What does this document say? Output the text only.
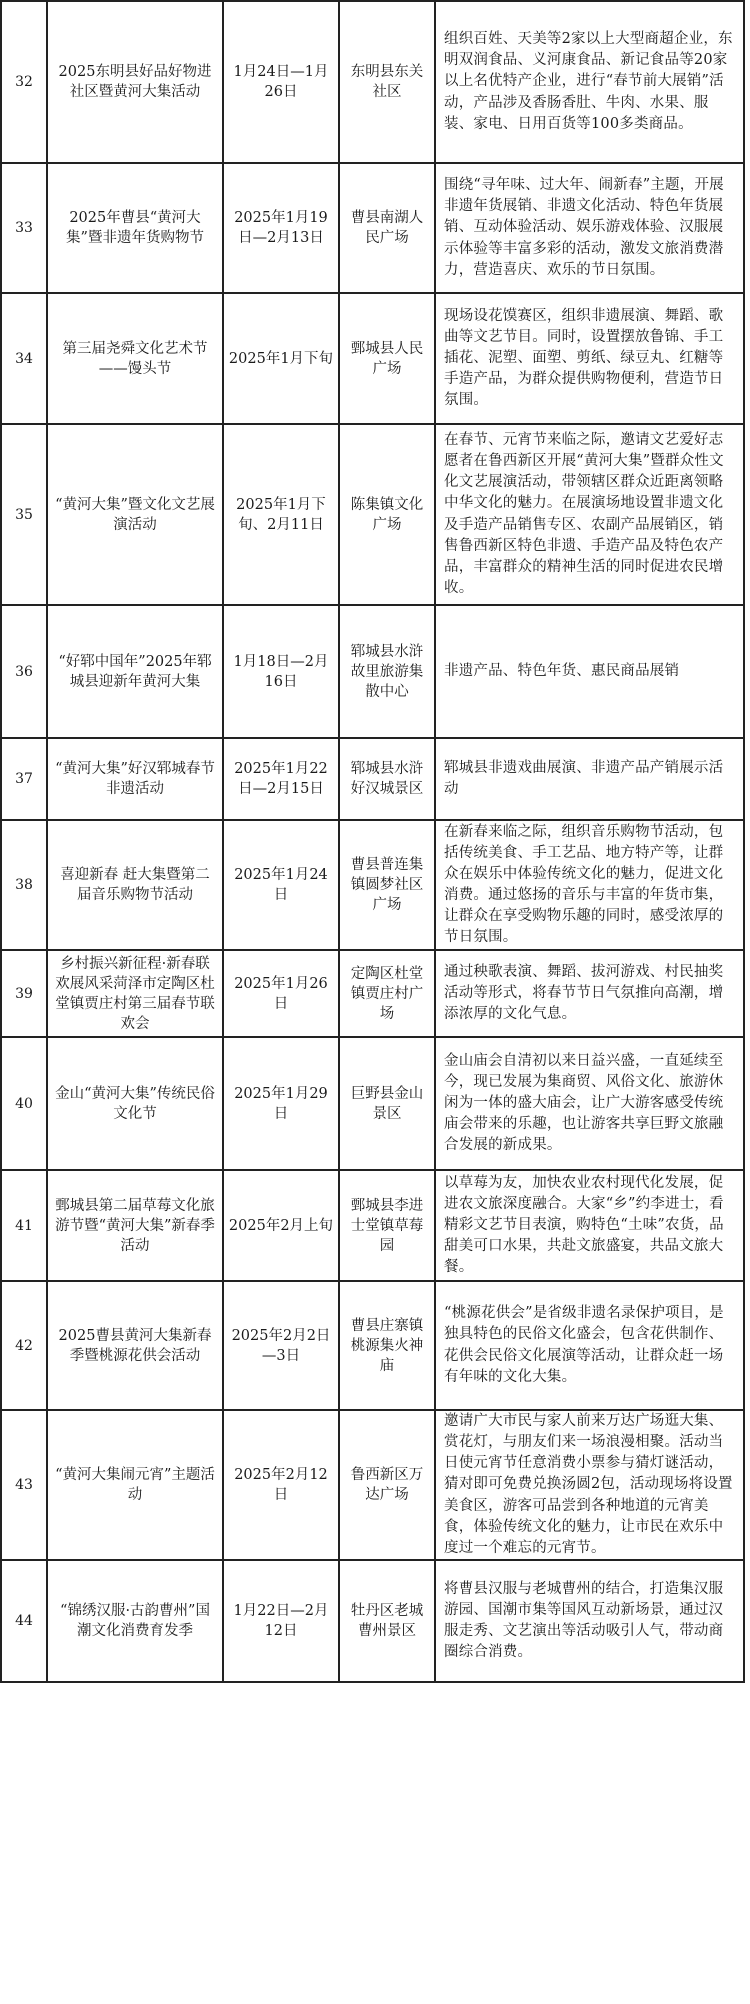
32	2025东明县好品好物进社区暨黄河大集活动	1月24日—1月26日	东明县东关社区	组织百姓、天美等2家以上大型商超企业，东明双润食品、义河康食品、新记食品等20家以上名优特产企业，进行“春节前大展销”活动，产品涉及香肠香肚、牛肉、水果、服装、家电、日用百货等100多类商品。

33	2025年曹县“黄河大集”暨非遗年货购物节	2025年1月19日—2月13日	曹县南湖人民广场	围绕“寻年味、过大年、闹新春”主题，开展非遗年货展销、非遗文化活动、特色年货展销、互动体验活动、娱乐游戏体验、汉服展示体验等丰富多彩的活动，激发文旅消费潜力，营造喜庆、欢乐的节日氛围。

34	第三届尧舜文化艺术节——馒头节	2025年1月下旬	鄄城县人民广场	现场设花馍赛区，组织非遗展演、舞蹈、歌曲等文艺节目。同时，设置摆放鲁锦、手工插花、泥塑、面塑、剪纸、绿豆丸、红糖等手造产品，为群众提供购物便利，营造节日氛围。

35	“黄河大集”暨文化文艺展演活动	2025年1月下旬、2月11日	陈集镇文化广场	在春节、元宵节来临之际，邀请文艺爱好志愿者在鲁西新区开展“黄河大集”暨群众性文化文艺展演活动，带领辖区群众近距离领略中华文化的魅力。在展演场地设置非遗文化及手造产品销售专区、农副产品展销区，销售鲁西新区特色非遗、手造产品及特色农产品，丰富群众的精神生活的同时促进农民增收。

36	“好郓中国年”2025年郓城县迎新年黄河大集	1月18日—2月16日	郓城县水浒故里旅游集散中心	非遗产品、特色年货、惠民商品展销

37	“黄河大集”好汉郓城春节非遗活动	2025年1月22日—2月15日	郓城县水浒好汉城景区	郓城县非遗戏曲展演、非遗产品产销展示活动

38	喜迎新春 赶大集暨第二届音乐购物节活动	2025年1月24日	曹县普连集镇圆梦社区广场	在新春来临之际，组织音乐购物节活动，包括传统美食、手工艺品、地方特产等，让群众在娱乐中体验传统文化的魅力，促进文化消费。通过悠扬的音乐与丰富的年货市集，让群众在享受购物乐趣的同时，感受浓厚的节日氛围。

39	乡村振兴新征程·新春联欢展风采菏泽市定陶区杜堂镇贾庄村第三届春节联欢会	2025年1月26日	定陶区杜堂镇贾庄村广场	通过秧歌表演、舞蹈、拔河游戏、村民抽奖活动等形式，将春节节日气氛推向高潮，增添浓厚的文化气息。

40	金山“黄河大集”传统民俗文化节	2025年1月29日	巨野县金山景区	金山庙会自清初以来日益兴盛，一直延续至今，现已发展为集商贸、风俗文化、旅游休闲为一体的盛大庙会，让广大游客感受传统庙会带来的乐趣，也让游客共享巨野文旅融合发展的新成果。

41	鄄城县第二届草莓文化旅游节暨“黄河大集”新春季活动	2025年2月上旬	鄄城县李进士堂镇草莓园	以草莓为友，加快农业农村现代化发展，促进农文旅深度融合。大家“乡”约李进士，看精彩文艺节目表演，购特色“土味”农货，品甜美可口水果，共赴文旅盛宴，共品文旅大餐。

42	2025曹县黄河大集新春季暨桃源花供会活动	2025年2月2日—3日	曹县庄寨镇桃源集火神庙	“桃源花供会”是省级非遗名录保护项目，是独具特色的民俗文化盛会，包含花供制作、花供会民俗文化展演等活动，让群众赶一场有年味的文化大集。

43	“黄河大集闹元宵”主题活动	2025年2月12日	鲁西新区万达广场	邀请广大市民与家人前来万达广场逛大集、赏花灯，与朋友们来一场浪漫相聚。活动当日使元宵节任意消费小票参与猜灯谜活动，猜对即可免费兑换汤圆2包，活动现场将设置美食区，游客可品尝到各种地道的元宵美食，体验传统文化的魅力，让市民在欢乐中度过一个难忘的元宵节。

44	“锦绣汉服·古韵曹州”国潮文化消费育发季	1月22日—2月12日	牡丹区老城曹州景区	将曹县汉服与老城曹州的结合，打造集汉服游园、国潮市集等国风互动新场景，通过汉服走秀、文艺演出等活动吸引人气，带动商圈综合消费。
